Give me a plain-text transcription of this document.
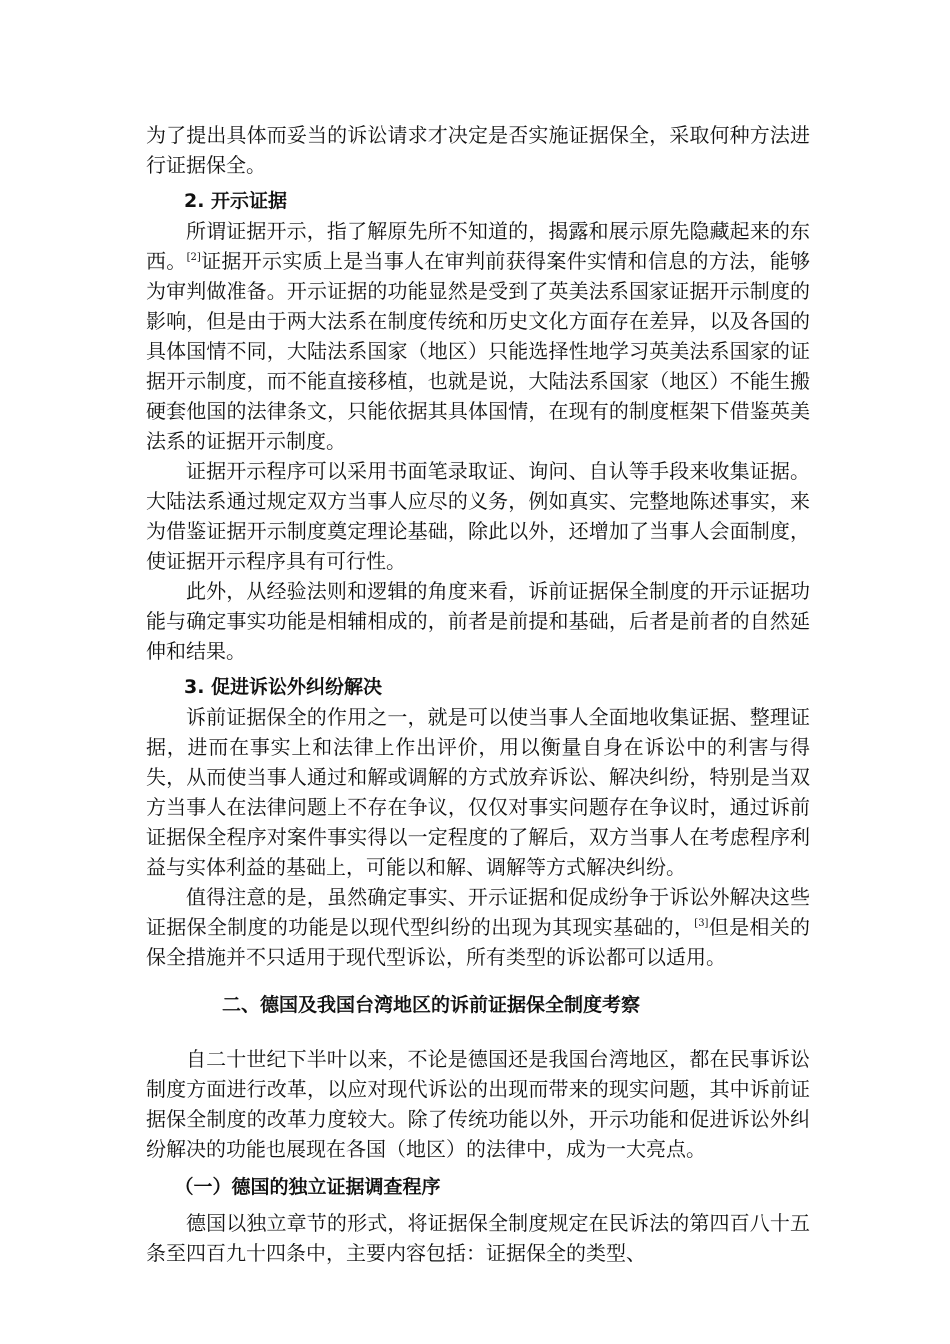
为了提出具体而妥当的诉讼请求才决定是否实施证据保全，采取何种方法进行证据保全。

2. 开示证据

所谓证据开示，指了解原先所不知道的，揭露和展示原先隐藏起来的东西。[2]证据开示实质上是当事人在审判前获得案件实情和信息的方法，能够为审判做准备。开示证据的功能显然是受到了英美法系国家证据开示制度的影响，但是由于两大法系在制度传统和历史文化方面存在差异，以及各国的具体国情不同，大陆法系国家（地区）只能选择性地学习英美法系国家的证据开示制度，而不能直接移植，也就是说，大陆法系国家（地区）不能生搬硬套他国的法律条文，只能依据其具体国情，在现有的制度框架下借鉴英美法系的证据开示制度。

证据开示程序可以采用书面笔录取证、询问、自认等手段来收集证据。大陆法系通过规定双方当事人应尽的义务，例如真实、完整地陈述事实，来为借鉴证据开示制度奠定理论基础，除此以外，还增加了当事人会面制度，使证据开示程序具有可行性。

此外，从经验法则和逻辑的角度来看，诉前证据保全制度的开示证据功能与确定事实功能是相辅相成的，前者是前提和基础，后者是前者的自然延伸和结果。

3. 促进诉讼外纠纷解决

诉前证据保全的作用之一，就是可以使当事人全面地收集证据、整理证据，进而在事实上和法律上作出评价，用以衡量自身在诉讼中的利害与得失，从而使当事人通过和解或调解的方式放弃诉讼、解决纠纷，特别是当双方当事人在法律问题上不存在争议，仅仅对事实问题存在争议时，通过诉前证据保全程序对案件事实得以一定程度的了解后，双方当事人在考虑程序利益与实体利益的基础上，可能以和解、调解等方式解决纠纷。

值得注意的是，虽然确定事实、开示证据和促成纷争于诉讼外解决这些证据保全制度的功能是以现代型纠纷的出现为其现实基础的，[3]但是相关的保全措施并不只适用于现代型诉讼，所有类型的诉讼都可以适用。

二、德国及我国台湾地区的诉前证据保全制度考察

自二十世纪下半叶以来，不论是德国还是我国台湾地区，都在民事诉讼制度方面进行改革，以应对现代诉讼的出现而带来的现实问题，其中诉前证据保全制度的改革力度较大。除了传统功能以外，开示功能和促进诉讼外纠纷解决的功能也展现在各国（地区）的法律中，成为一大亮点。

（一）德国的独立证据调查程序

德国以独立章节的形式，将证据保全制度规定在民诉法的第四百八十五条至四百九十四条中，主要内容包括：证据保全的类型、
